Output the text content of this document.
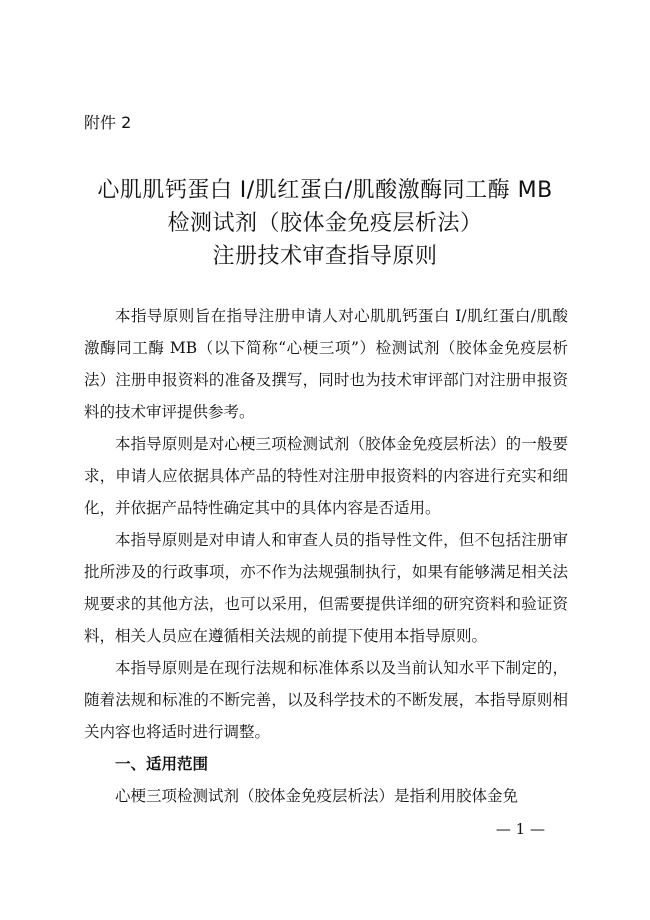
附件 2
心肌肌钙蛋白 I/肌红蛋白/肌酸激酶同工酶 MB
检测试剂（胶体金免疫层析法）
注册技术审查指导原则

本指导原则旨在指导注册申请人对心肌肌钙蛋白 I/肌红蛋白/肌酸激酶同工酶 MB（以下简称“心梗三项”）检测试剂（胶体金免疫层析法）注册申报资料的准备及撰写，同时也为技术审评部门对注册申报资料的技术审评提供参考。

本指导原则是对心梗三项检测试剂（胶体金免疫层析法）的一般要求，申请人应依据具体产品的特性对注册申报资料的内容进行充实和细化，并依据产品特性确定其中的具体内容是否适用。

本指导原则是对申请人和审查人员的指导性文件，但不包括注册审批所涉及的行政事项，亦不作为法规强制执行，如果有能够满足相关法规要求的其他方法，也可以采用，但需要提供详细的研究资料和验证资料，相关人员应在遵循相关法规的前提下使用本指导原则。

本指导原则是在现行法规和标准体系以及当前认知水平下制定的，随着法规和标准的不断完善，以及科学技术的不断发展，本指导原则相关内容也将适时进行调整。

一、适用范围

心梗三项检测试剂（胶体金免疫层析法）是指利用胶体金免

— 1 —
